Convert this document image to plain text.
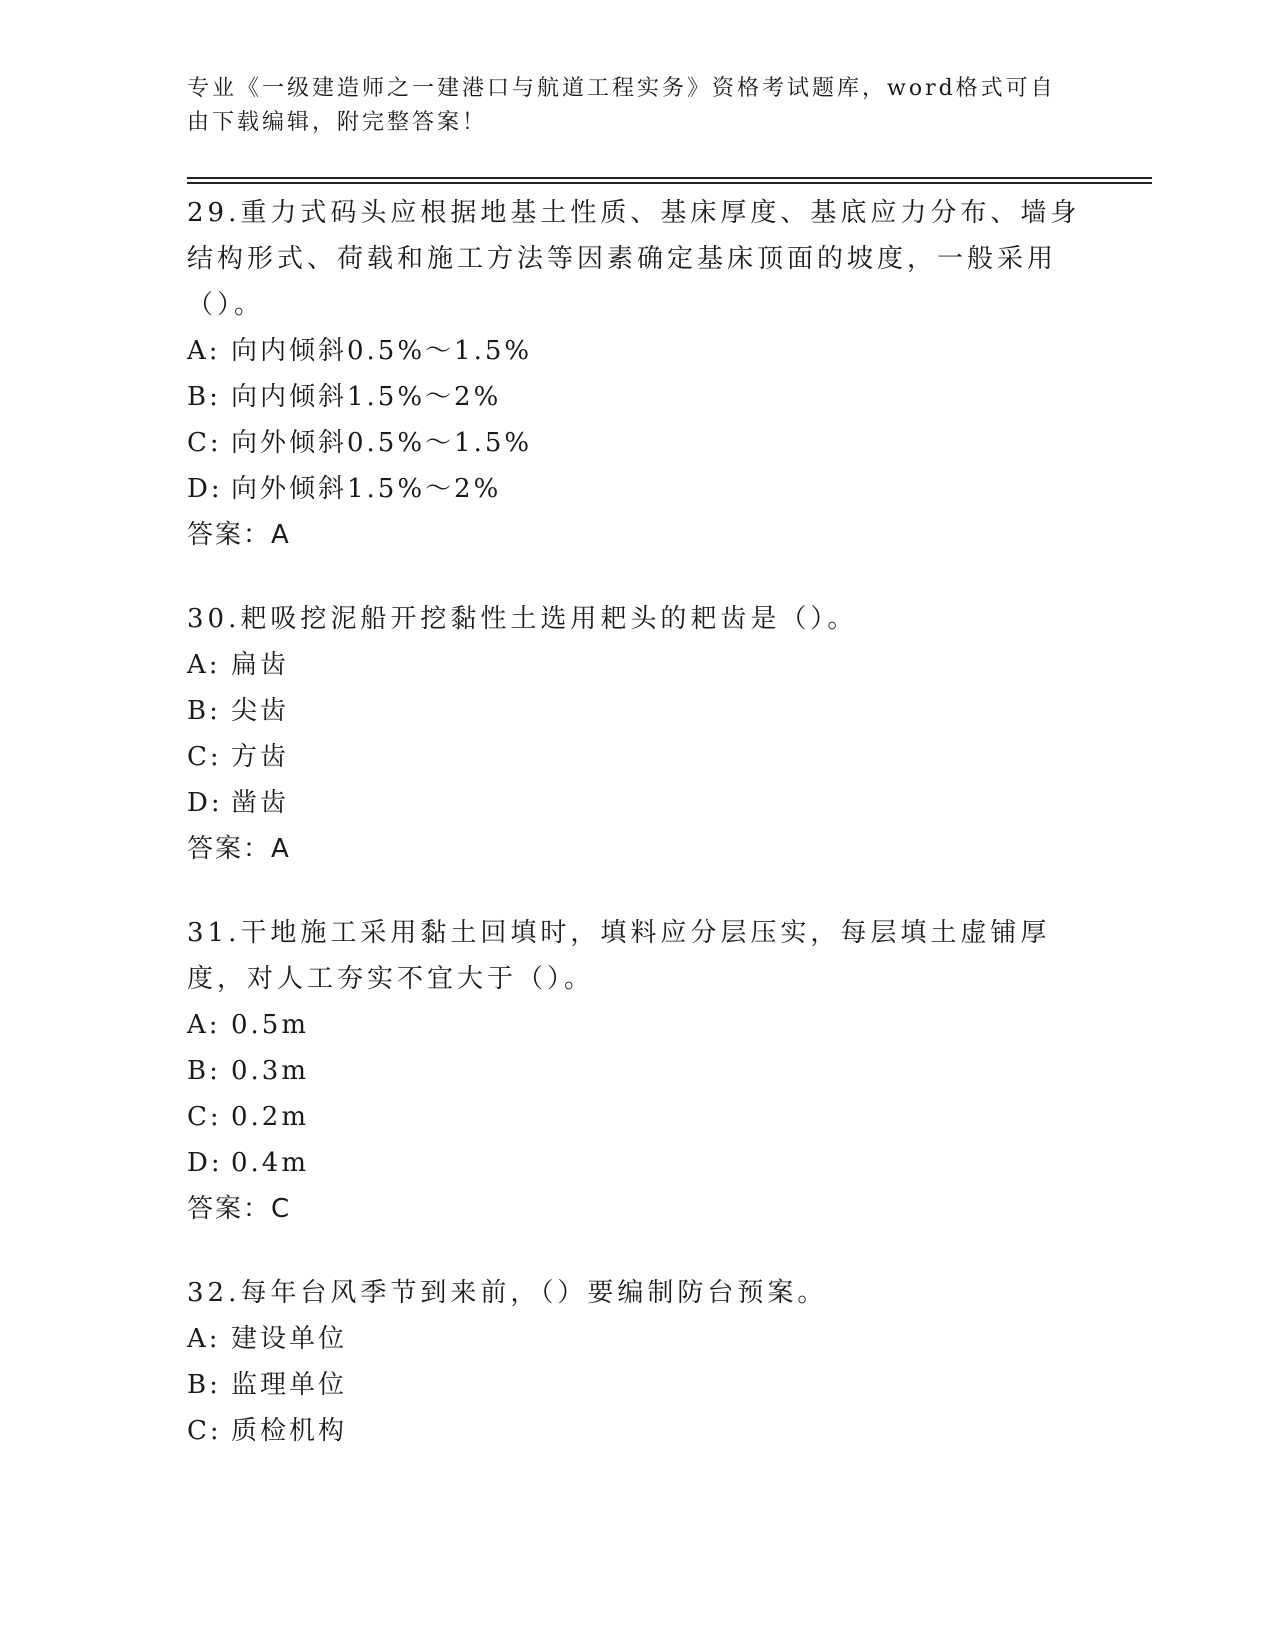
专业《一级建造师之一建港口与航道工程实务》资格考试题库，word格式可自由下载编辑，附完整答案！

29.重力式码头应根据地基土性质、基床厚度、基底应力分布、墙身结构形式、荷载和施工方法等因素确定基床顶面的坡度，一般采用（）。

A: 向内倾斜0.5%～1.5%

B: 向内倾斜1.5%～2%

C: 向外倾斜0.5%～1.5%

D: 向外倾斜1.5%～2%

答案：A

30.耙吸挖泥船开挖黏性土选用耙头的耙齿是（）。

A: 扁齿

B: 尖齿

C: 方齿

D: 凿齿

答案：A

31.干地施工采用黏土回填时，填料应分层压实，每层填土虚铺厚度，对人工夯实不宜大于（）。

A: 0.5m

B: 0.3m

C: 0.2m

D: 0.4m

答案：C

32.每年台风季节到来前，（）要编制防台预案。

A: 建设单位

B: 监理单位

C: 质检机构
